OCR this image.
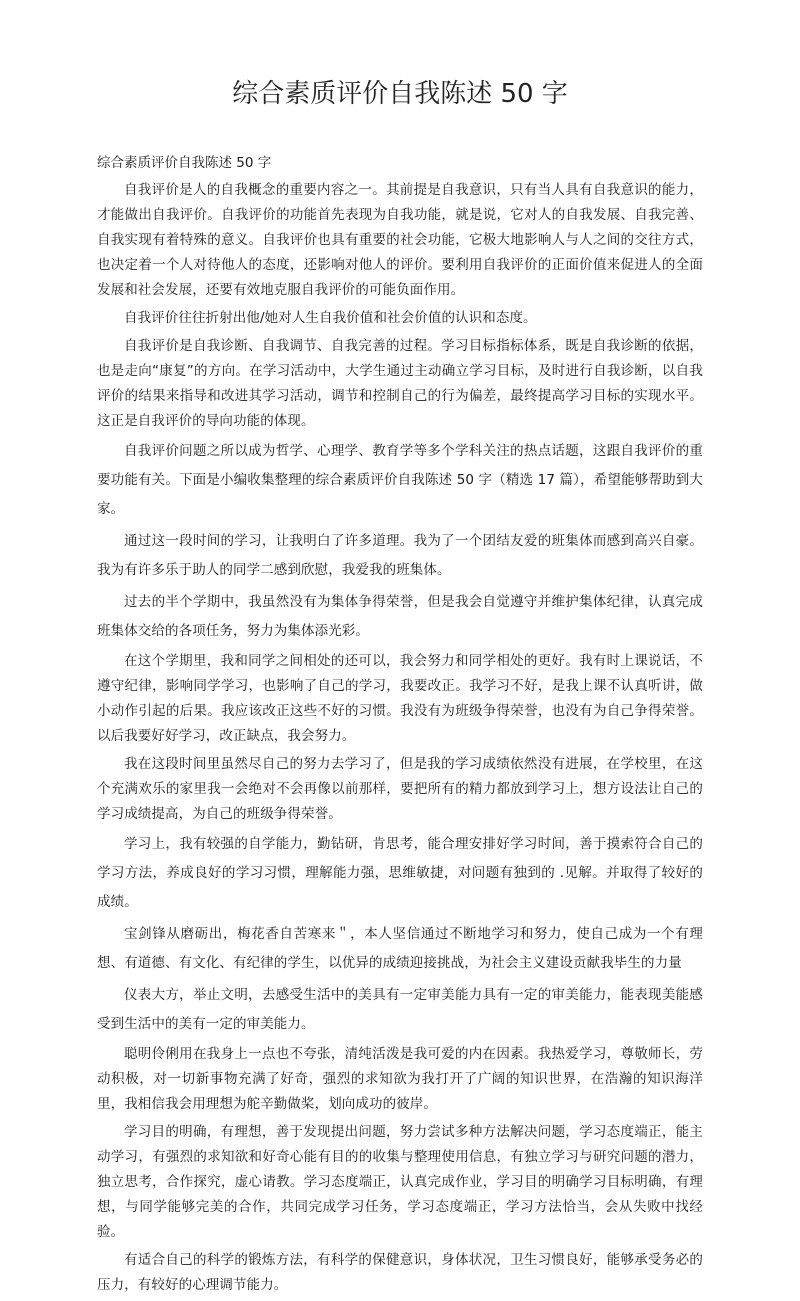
综合素质评价自我陈述 50 字

综合素质评价自我陈述 50 字

自我评价是人的自我概念的重要内容之一。其前提是自我意识，只有当人具有自我意识的能力，才能做出自我评价。自我评价的功能首先表现为自我功能，就是说，它对人的自我发展、自我完善、自我实现有着特殊的意义。自我评价也具有重要的社会功能，它极大地影响人与人之间的交往方式，也决定着一个人对待他人的态度，还影响对他人的评价。要利用自我评价的正面价值来促进人的全面发展和社会发展，还要有效地克服自我评价的可能负面作用。

自我评价往往折射出他/她对人生自我价值和社会价值的认识和态度。

自我评价是自我诊断、自我调节、自我完善的过程。学习目标指标体系，既是自我诊断的依据，也是走向“康复”的方向。在学习活动中，大学生通过主动确立学习目标，及时进行自我诊断，以自我评价的结果来指导和改进其学习活动，调节和控制自己的行为偏差，最终提高学习目标的实现水平。这正是自我评价的导向功能的体现。

自我评价问题之所以成为哲学、心理学、教育学等多个学科关注的热点话题，这跟自我评价的重要功能有关。下面是小编收集整理的综合素质评价自我陈述 50 字（精选 17 篇），希望能够帮助到大家。

通过这一段时间的学习，让我明白了许多道理。我为了一个团结友爱的班集体而感到高兴自豪。我为有许多乐于助人的同学二感到欣慰，我爱我的班集体。

过去的半个学期中，我虽然没有为集体争得荣誉，但是我会自觉遵守并维护集体纪律，认真完成班集体交给的各项任务，努力为集体添光彩。

在这个学期里，我和同学之间相处的还可以，我会努力和同学相处的更好。我有时上课说话，不遵守纪律，影响同学学习，也影响了自己的学习，我要改正。我学习不好，是我上课不认真听讲，做小动作引起的后果。我应该改正这些不好的习惯。我没有为班级争得荣誉，也没有为自己争得荣誉。以后我要好好学习，改正缺点，我会努力。

我在这段时间里虽然尽自己的努力去学习了，但是我的学习成绩依然没有进展，在学校里，在这个充满欢乐的家里我一会绝对不会再像以前那样，要把所有的精力都放到学习上，想方设法让自己的学习成绩提高，为自己的班级争得荣誉。

学习上，我有较强的自学能力，勤钻研，肯思考，能合理安排好学习时间，善于摸索符合自己的学习方法，养成良好的学习习惯，理解能力强，思维敏捷，对问题有独到的 .见解。并取得了较好的成绩。

宝剑锋从磨砺出，梅花香自苦寒来＂，本人坚信通过不断地学习和努力，使自己成为一个有理想、有道德、有文化、有纪律的学生，以优异的成绩迎接挑战，为社会主义建设贡献我毕生的力量

仪表大方，举止文明，去感受生活中的美具有一定审美能力具有一定的审美能力，能表现美能感受到生活中的美有一定的审美能力。

聪明伶俐用在我身上一点也不夸张，清纯活泼是我可爱的内在因素。我热爱学习，尊敬师长，劳动积极，对一切新事物充满了好奇，强烈的求知欲为我打开了广阔的知识世界，在浩瀚的知识海洋里，我相信我会用理想为舵辛勤做桨，划向成功的彼岸。

学习目的明确，有理想，善于发现提出问题，努力尝试多种方法解决问题，学习态度端正，能主动学习，有强烈的求知欲和好奇心能有目的的收集与整理使用信息，有独立学习与研究问题的潜力，独立思考，合作探究，虚心请教。学习态度端正，认真完成作业，学习目的明确学习目标明确，有理想，与同学能够完美的合作，共同完成学习任务，学习态度端正，学习方法恰当，会从失败中找经验。

有适合自己的科学的锻炼方法，有科学的保健意识，身体状况，卫生习惯良好，能够承受务必的压力，有较好的心理调节能力。
